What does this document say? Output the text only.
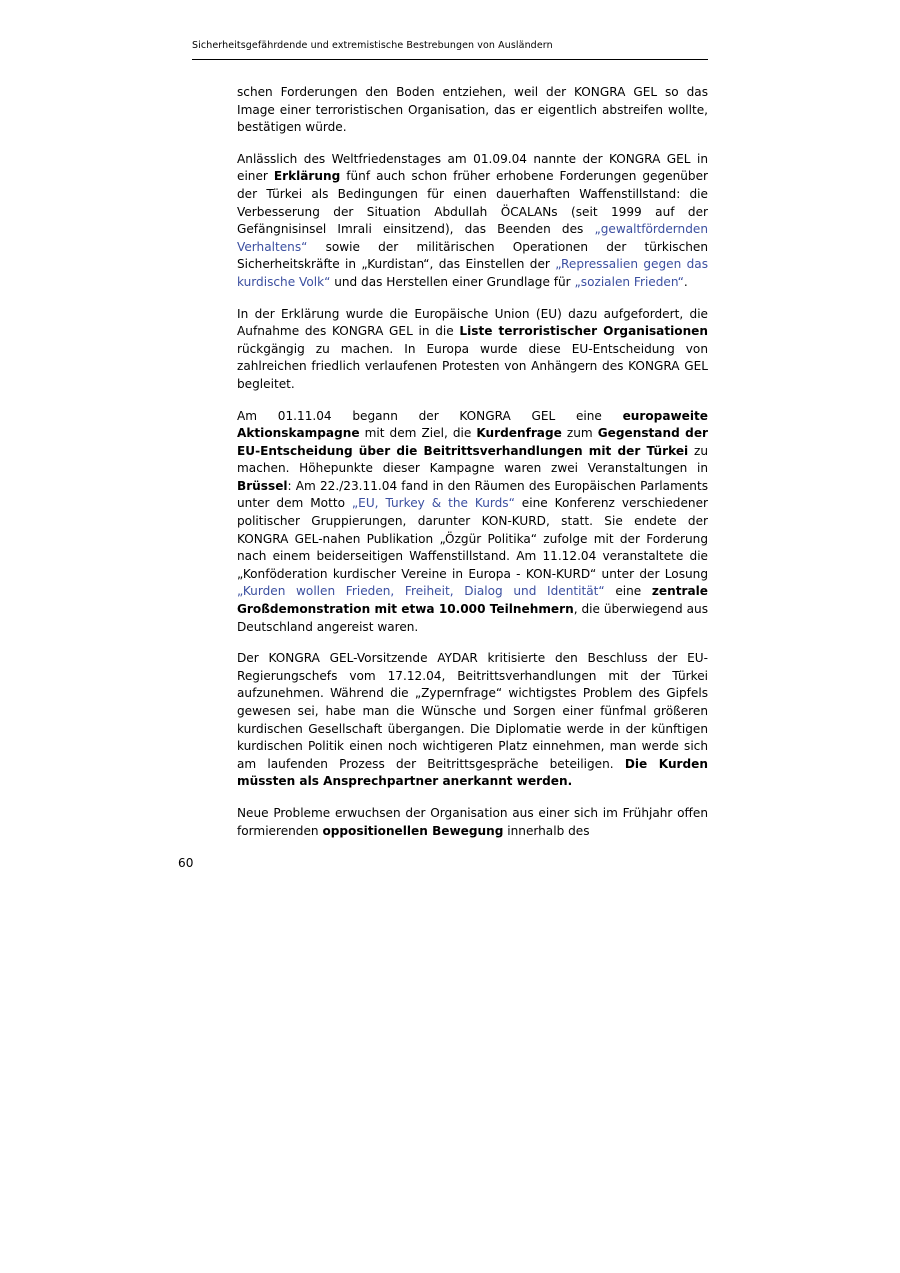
Sicherheitsgefährdende und extremistische Bestrebungen von Ausländern

schen Forderungen den Boden entziehen, weil der KONGRA GEL so das Image einer terroristischen Organisation, das er eigentlich abstreifen wollte, bestätigen würde.

Anlässlich des Weltfriedenstages am 01.09.04 nannte der KONGRA GEL in einer Erklärung fünf auch schon früher erhobene Forderungen gegenüber der Türkei als Bedingungen für einen dauerhaften Waffenstillstand: die Verbesserung der Situation Abdullah ÖCALANs (seit 1999 auf der Gefängnisinsel Imrali einsitzend), das Beenden des „gewaltfördernden Verhaltens“ sowie der militärischen Operationen der türkischen Sicherheitskräfte in „Kurdistan“, das Einstellen der „Repressalien gegen das kurdische Volk“ und das Herstellen einer Grundlage für „sozialen Frieden“.

In der Erklärung wurde die Europäische Union (EU) dazu aufgefordert, die Aufnahme des KONGRA GEL in die Liste terroristischer Organisationen rückgängig zu machen. In Europa wurde diese EU-Entscheidung von zahlreichen friedlich verlaufenen Protesten von Anhängern des KONGRA GEL begleitet.

Am 01.11.04 begann der KONGRA GEL eine europaweite Aktionskampagne mit dem Ziel, die Kurdenfrage zum Gegenstand der EU-Entscheidung über die Beitrittsverhandlungen mit der Türkei zu machen. Höhepunkte dieser Kampagne waren zwei Veranstaltungen in Brüssel: Am 22./23.11.04 fand in den Räumen des Europäischen Parlaments unter dem Motto „EU, Turkey & the Kurds“ eine Konferenz verschiedener politischer Gruppierungen, darunter KON-KURD, statt. Sie endete der KONGRA GEL-nahen Publikation „Özgür Politika“ zufolge mit der Forderung nach einem beiderseitigen Waffenstillstand. Am 11.12.04 veranstaltete die „Konföderation kurdischer Vereine in Europa - KON-KURD“ unter der Losung „Kurden wollen Frieden, Freiheit, Dialog und Identität“ eine zentrale Großdemonstration mit etwa 10.000 Teilnehmern, die überwiegend aus Deutschland angereist waren.

Der KONGRA GEL-Vorsitzende AYDAR kritisierte den Beschluss der EU-Regierungschefs vom 17.12.04, Beitrittsverhandlungen mit der Türkei aufzunehmen. Während die „Zypernfrage“ wichtigstes Problem des Gipfels gewesen sei, habe man die Wünsche und Sorgen einer fünfmal größeren kurdischen Gesellschaft übergangen. Die Diplomatie werde in der künftigen kurdischen Politik einen noch wichtigeren Platz einnehmen, man werde sich am laufenden Prozess der Beitrittsgespräche beteiligen. Die Kurden müssten als Ansprechpartner anerkannt werden.

Neue Probleme erwuchsen der Organisation aus einer sich im Frühjahr offen formierenden oppositionellen Bewegung innerhalb des

60
